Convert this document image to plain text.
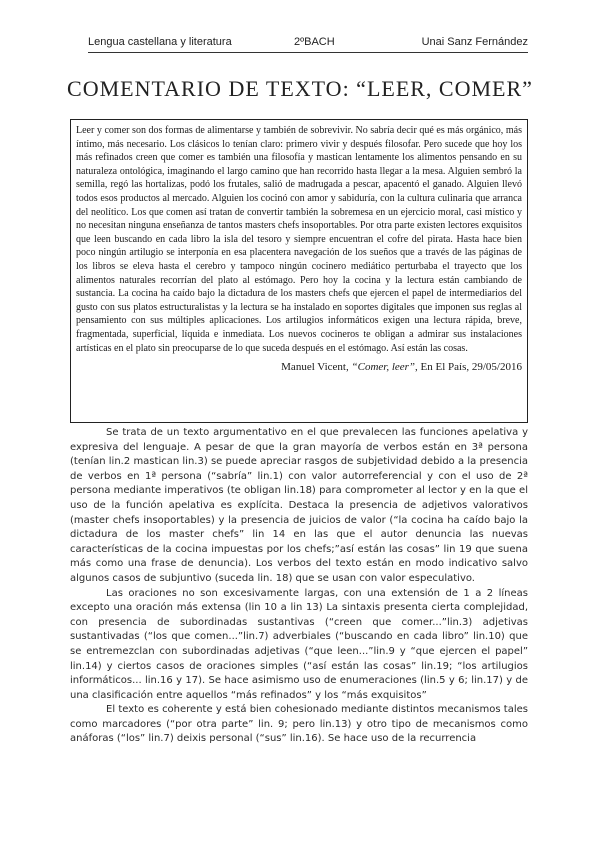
Lengua castellana y literatura	2ºBACH	Unai Sanz Fernández
COMENTARIO DE TEXTO: “LEER, COMER”

Leer y comer son dos formas de alimentarse y también de sobrevivir. No sabría decir qué es más orgánico, más íntimo, más necesario. Los clásicos lo tenían claro: primero vivir y después filosofar. Pero sucede que hoy los más refinados creen que comer es también una filosofía y mastican lentamente los alimentos pensando en su naturaleza ontológica, imaginando el largo camino que han recorrido hasta llegar a la mesa. Alguien sembró la semilla, regó las hortalizas, podó los frutales, salió de madrugada a pescar, apacentó el ganado. Alguien llevó todos esos productos al mercado. Alguien los cocinó con amor y sabiduría, con la cultura culinaria que arranca del neolítico. Los que comen así tratan de convertir también la sobremesa en un ejercicio moral, casi místico y no necesitan ninguna enseñanza de tantos masters chefs insoportables. Por otra parte existen lectores exquisitos que leen buscando en cada libro la isla del tesoro y siempre encuentran el cofre del pirata. Hasta hace bien poco ningún artilugio se interponía en esa placentera navegación de los sueños que a través de las páginas de los libros se eleva hasta el cerebro y tampoco ningún cocinero mediático perturbaba el trayecto que los alimentos naturales recorrían del plato al estómago. Pero hoy la cocina y la lectura están cambiando de sustancia. La cocina ha caído bajo la dictadura de los masters chefs que ejercen el papel de intermediarios del gusto con sus platos estructuralistas y la lectura se ha instalado en soportes digitales que imponen sus reglas al pensamiento con sus múltiples aplicaciones. Los artilugios informáticos exigen una lectura rápida, breve, fragmentada, superficial, líquida e inmediata. Los nuevos cocineros te obligan a admirar sus instalaciones artísticas en el plato sin preocuparse de lo que suceda después en el estómago. Así están las cosas.

Manuel Vicent, “Comer, leer”, En El País, 29/05/2016

Se trata de un texto argumentativo en el que prevalecen las funciones apelativa y expresiva del lenguaje. A pesar de que la gran mayoría de verbos están en 3ª persona (tenían lin.2 mastican lin.3) se puede apreciar rasgos de subjetividad debido a la presencia de verbos en 1ª persona (“sabría” lin.1) con valor autorreferencial y con el uso de 2ª persona mediante imperativos (te obligan lin.18) para comprometer al lector y en la que el uso de la función apelativa es explícita. Destaca la presencia de adjetivos valorativos (master chefs insoportables) y la presencia de juicios de valor (“la cocina ha caído bajo la dictadura de los master chefs” lin 14 en las que el autor denuncia las nuevas características de la cocina impuestas por los chefs;”así están las cosas” lin 19 que suena más como una frase de denuncia). Los verbos del texto están en modo indicativo salvo algunos casos de subjuntivo (suceda lin. 18) que se usan con valor especulativo.

Las oraciones no son excesivamente largas, con una extensión de 1 a 2 líneas excepto una oración más extensa (lin 10 a lin 13) La sintaxis presenta cierta complejidad, con presencia de subordinadas sustantivas (“creen que comer...”lin.3) adjetivas sustantivadas (“los que comen...”lin.7) adverbiales (“buscando en cada libro” lin.10) que se entremezclan con subordinadas adjetivas (“que leen...”lin.9 y “que ejercen el papel” lin.14) y ciertos casos de oraciones simples (“así están las cosas” lin.19; “los artilugios informáticos... lin.16 y 17). Se hace asimismo uso de enumeraciones (lin.5 y 6; lin.17) y de una clasificación entre aquellos “más refinados” y los “más exquisitos”

El texto es coherente y está bien cohesionado mediante distintos mecanismos tales como marcadores (“por otra parte” lin. 9; pero lin.13) y otro tipo de mecanismos como anáforas (“los” lin.7) deixis personal (“sus” lin.16). Se hace uso de la recurrencia
